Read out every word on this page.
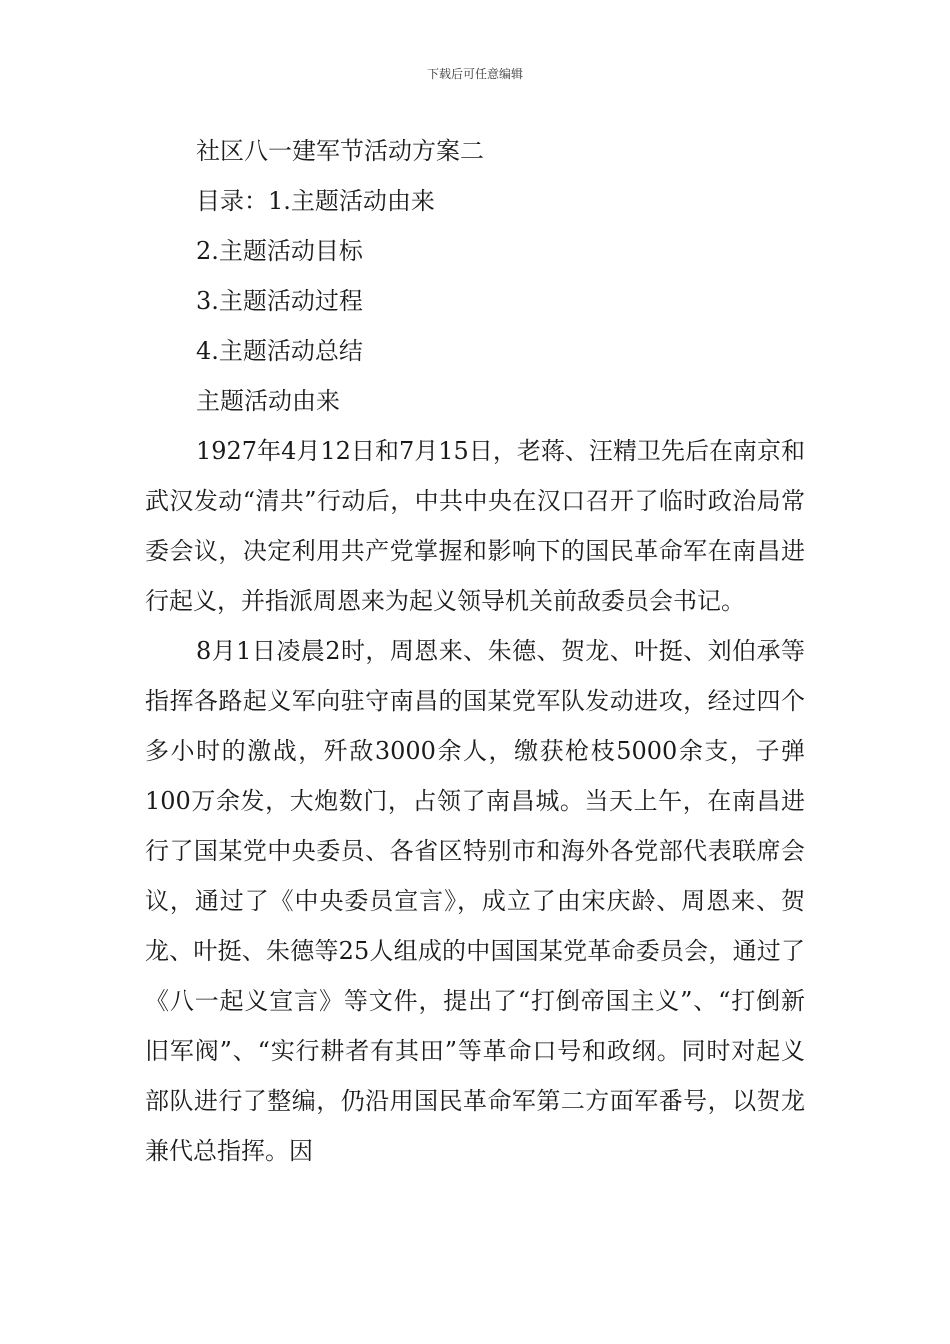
下载后可任意编辑
社区八一建军节活动方案二
目录：1.主题活动由来
2.主题活动目标
3.主题活动过程
4.主题活动总结
主题活动由来

1927年4月12日和7月15日，老蒋、汪精卫先后在南京和武汉发动“清共”行动后，中共中央在汉口召开了临时政治局常委会议，决定利用共产党掌握和影响下的国民革命军在南昌进行起义，并指派周恩来为起义领导机关前敌委员会书记。

8月1日凌晨2时，周恩来、朱德、贺龙、叶挺、刘伯承等指挥各路起义军向驻守南昌的国某党军队发动进攻，经过四个多小时的激战，歼敌3000余人，缴获枪枝5000余支，子弹100万余发，大炮数门，占领了南昌城。当天上午，在南昌进行了国某党中央委员、各省区特别市和海外各党部代表联席会议，通过了《中央委员宣言》，成立了由宋庆龄、周恩来、贺龙、叶挺、朱德等25人组成的中国国某党革命委员会，通过了《八一起义宣言》等文件，提出了“打倒帝国主义”、“打倒新旧军阀”、“实行耕者有其田”等革命口号和政纲。同时对起义部队进行了整编，仍沿用国民革命军第二方面军番号，以贺龙兼代总指挥。因
